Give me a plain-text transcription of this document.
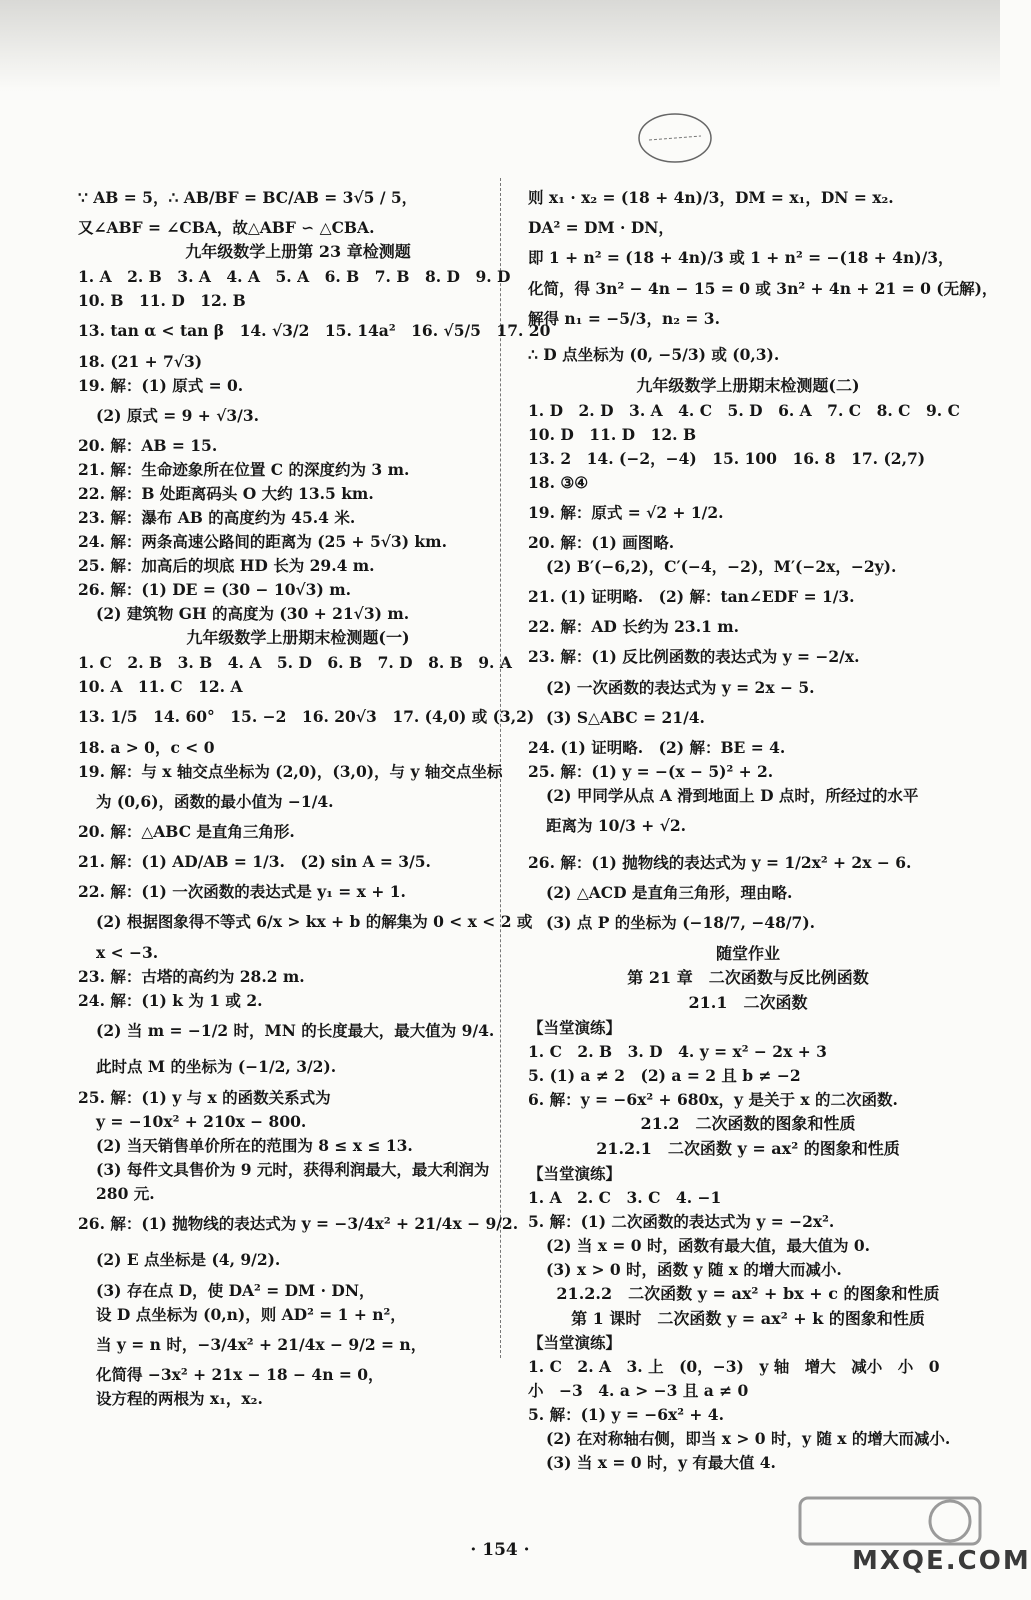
∵ AB = 5，∴ AB/BF = BC/AB = 3√5 / 5，
又∠ABF = ∠CBA，故△ABF ∽ △CBA.
九年级数学上册第 23 章检测题
1. A　2. B　3. A　4. A　5. A　6. B　7. B　8. D　9. D
10. B　11. D　12. B
13. tan α < tan β　14. √3/2　15. 14a²　16. √5/5　17. 20
18. (21 + 7√3)
19. 解：(1) 原式 = 0.
(2) 原式 = 9 + √3/3.
20. 解：AB = 15.
21. 解：生命迹象所在位置 C 的深度约为 3 m.
22. 解：B 处距离码头 O 大约 13.5 km.
23. 解：瀑布 AB 的高度约为 45.4 米.
24. 解：两条高速公路间的距离为 (25 + 5√3) km.
25. 解：加高后的坝底 HD 长为 29.4 m.
26. 解：(1) DE = (30 − 10√3) m.
(2) 建筑物 GH 的高度为 (30 + 21√3) m.
九年级数学上册期末检测题(一)
1. C　2. B　3. B　4. A　5. D　6. B　7. D　8. B　9. A
10. A　11. C　12. A
13. 1/5　14. 60°　15. −2　16. 20√3　17. (4,0) 或 (3,2)
18. a > 0，c < 0
19. 解：与 x 轴交点坐标为 (2,0)，(3,0)，与 y 轴交点坐标
为 (0,6)，函数的最小值为 −1/4.
20. 解：△ABC 是直角三角形.
21. 解：(1) AD/AB = 1/3.　(2) sin A = 3/5.
22. 解：(1) 一次函数的表达式是 y₁ = x + 1.
(2) 根据图象得不等式 6/x > kx + b 的解集为 0 < x < 2 或
x < −3.
23. 解：古塔的高约为 28.2 m.
24. 解：(1) k 为 1 或 2.
(2) 当 m = −1/2 时，MN 的长度最大，最大值为 9/4.
此时点 M 的坐标为 (−1/2, 3/2).
25. 解：(1) y 与 x 的函数关系式为
y = −10x² + 210x − 800.
(2) 当天销售单价所在的范围为 8 ≤ x ≤ 13.
(3) 每件文具售价为 9 元时，获得利润最大，最大利润为
280 元.
26. 解：(1) 抛物线的表达式为 y = −3/4x² + 21/4x − 9/2.
(2) E 点坐标是 (4, 9/2).
(3) 存在点 D，使 DA² = DM · DN，
设 D 点坐标为 (0,n)，则 AD² = 1 + n²，
当 y = n 时，−3/4x² + 21/4x − 9/2 = n，
化简得 −3x² + 21x − 18 − 4n = 0，
设方程的两根为 x₁，x₂.
则 x₁ · x₂ = (18 + 4n)/3，DM = x₁，DN = x₂.
DA² = DM · DN，
即 1 + n² = (18 + 4n)/3 或 1 + n² = −(18 + 4n)/3，
化简，得 3n² − 4n − 15 = 0 或 3n² + 4n + 21 = 0 (无解)，
解得 n₁ = −5/3，n₂ = 3.
∴ D 点坐标为 (0, −5/3) 或 (0,3).
九年级数学上册期末检测题(二)
1. D　2. D　3. A　4. C　5. D　6. A　7. C　8. C　9. C
10. D　11. D　12. B
13. 2　14. (−2，−4)　15. 100　16. 8　17. (2,7)
18. ③④
19. 解：原式 = √2 + 1/2.
20. 解：(1) 画图略.
(2) B′(−6,2)，C′(−4，−2)，M′(−2x，−2y).
21. (1) 证明略.　(2) 解：tan∠EDF = 1/3.
22. 解：AD 长约为 23.1 m.
23. 解：(1) 反比例函数的表达式为 y = −2/x.
(2) 一次函数的表达式为 y = 2x − 5.
(3) S△ABC = 21/4.
24. (1) 证明略.　(2) 解：BE = 4.
25. 解：(1) y = −(x − 5)² + 2.
(2) 甲同学从点 A 滑到地面上 D 点时，所经过的水平
距离为 10/3 + √2.
26. 解：(1) 抛物线的表达式为 y = 1/2x² + 2x − 6.
(2) △ACD 是直角三角形，理由略.
(3) 点 P 的坐标为 (−18/7, −48/7).
随堂作业
第 21 章　二次函数与反比例函数
21.1　二次函数
【当堂演练】
1. C　2. B　3. D　4. y = x² − 2x + 3
5. (1) a ≠ 2　(2) a = 2 且 b ≠ −2
6. 解：y = −6x² + 680x，y 是关于 x 的二次函数.
21.2　二次函数的图象和性质
21.2.1　二次函数 y = ax² 的图象和性质
【当堂演练】
1. A　2. C　3. C　4. −1
5. 解：(1) 二次函数的表达式为 y = −2x².
(2) 当 x = 0 时，函数有最大值，最大值为 0.
(3) x > 0 时，函数 y 随 x 的增大而减小.
21.2.2　二次函数 y = ax² + bx + c 的图象和性质
第 1 课时　二次函数 y = ax² + k 的图象和性质
【当堂演练】
1. C　2. A　3. 上　(0，−3)　y 轴　增大　减小　小　0
小　−3　4. a > −3 且 a ≠ 0
5. 解：(1) y = −6x² + 4.
(2) 在对称轴右侧，即当 x > 0 时，y 随 x 的增大而减小.
(3) 当 x = 0 时，y 有最大值 4.
· 154 ·	MXQE.COM
